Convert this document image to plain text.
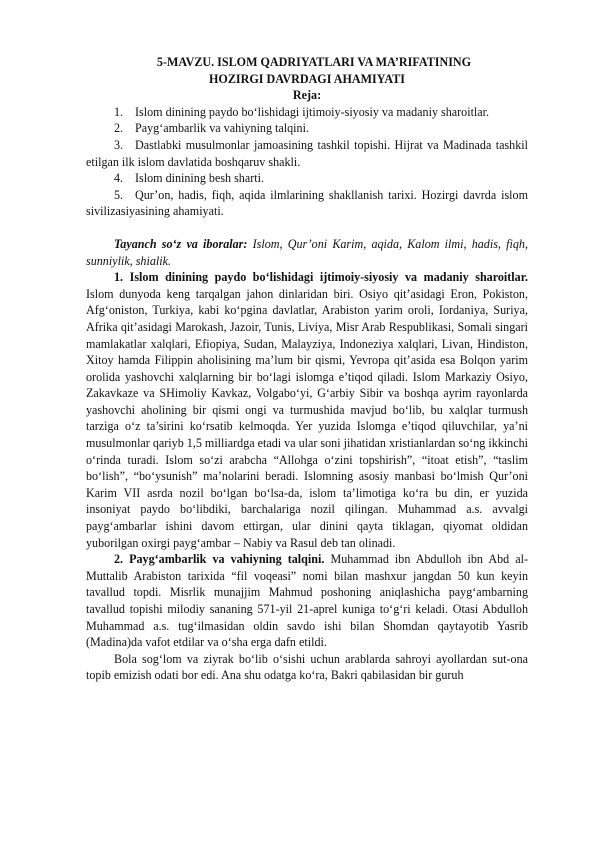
5-MAVZU. ISLOM QADRIYATLARI VA MA’RIFATINING
HOZIRGI DAVRDAGI AHAMIYATI
Reja:
1. Islom dinining paydo bo‘lishidagi ijtimoiy-siyosiy va madaniy sharoitlar.
2. Payg‘ambarlik va vahiyning talqini.
3. Dastlabki musulmonlar jamoasining tashkil topishi. Hijrat va Madinada tashkil etilgan ilk islom davlatida boshqaruv shakli.
4. Islom dinining besh sharti.
5. Qur’on, hadis, fiqh, aqida ilmlarining shakllanish tarixi. Hozirgi davrda islom sivilizasiyasining ahamiyati.

Tayanch so‘z va iboralar: Islom, Qur’oni Karim, aqida, Kalom ilmi, hadis, fiqh, sunniylik, shialik.

1. Islom dinining paydo bo‘lishidagi ijtimoiy-siyosiy va madaniy sharoitlar. Islom dunyoda keng tarqalgan jahon dinlaridan biri. Osiyo qit’asidagi Eron, Pokiston, Afg‘oniston, Turkiya, kabi ko‘pgina davlatlar, Arabiston yarim oroli, Iordaniya, Suriya, Afrika qit’asidagi Marokash, Jazoir, Tunis, Liviya, Misr Arab Respublikasi, Somali singari mamlakatlar xalqlari, Efiopiya, Sudan, Malayziya, Indoneziya xalqlari, Livan, Hindiston, Xitoy hamda Filippin aholisining ma’lum bir qismi, Yevropa qit’asida esa Bolqon yarim orolida yashovchi xalqlarning bir bo‘lagi islomga e’tiqod qiladi. Islom Markaziy Osiyo, Zakavkaze va SHimoliy Kavkaz, Volgabo‘yi, G‘arbiy Sibir va boshqa ayrim rayonlarda yashovchi aholining bir qismi ongi va turmushida mavjud bo‘lib, bu xalqlar turmush tarziga o‘z ta’sirini ko‘rsatib kelmoqda. Yer yuzida Islomga e’tiqod qiluvchilar, ya’ni musulmonlar qariyb 1,5 milliardga etadi va ular soni jihatidan xristianlardan so‘ng ikkinchi o‘rinda turadi. Islom so‘zi arabcha “Allohga o‘zini topshirish”, “itoat etish”, “taslim bo‘lish”, “bo‘ysunish” ma’nolarini beradi. Islomning asosiy manbasi bo‘lmish Qur’oni Karim VII asrda nozil bo‘lgan bo‘lsa-da, islom ta’limotiga ko‘ra bu din, er yuzida insoniyat paydo bo‘libdiki, barchalariga nozil qilingan. Muhammad a.s. avvalgi payg‘ambarlar ishini davom ettirgan, ular dinini qayta tiklagan, qiyomat oldidan yuborilgan oxirgi payg‘ambar – Nabiy va Rasul deb tan olinadi.

2. Payg‘ambarlik va vahiyning talqini. Muhammad ibn Abdulloh ibn Abd al-Muttalib Arabiston tarixida “fil voqeasi” nomi bilan mashxur jangdan 50 kun keyin tavallud topdi. Misrlik munajjim Mahmud poshoning aniqlashicha payg‘ambarning tavallud topishi milodiy sananing 571-yil 21-aprel kuniga to‘g‘ri keladi. Otasi Abdulloh Muhammad a.s. tug‘ilmasidan oldin savdo ishi bilan Shomdan qaytayotib Yasrib (Madina)da vafot etdilar va o‘sha erga dafn etildi.

Bola sog‘lom va ziyrak bo‘lib o‘sishi uchun arablarda sahroyi ayollardan sut-ona topib emizish odati bor edi. Ana shu odatga ko‘ra, Bakri qabilasidan bir guruh
